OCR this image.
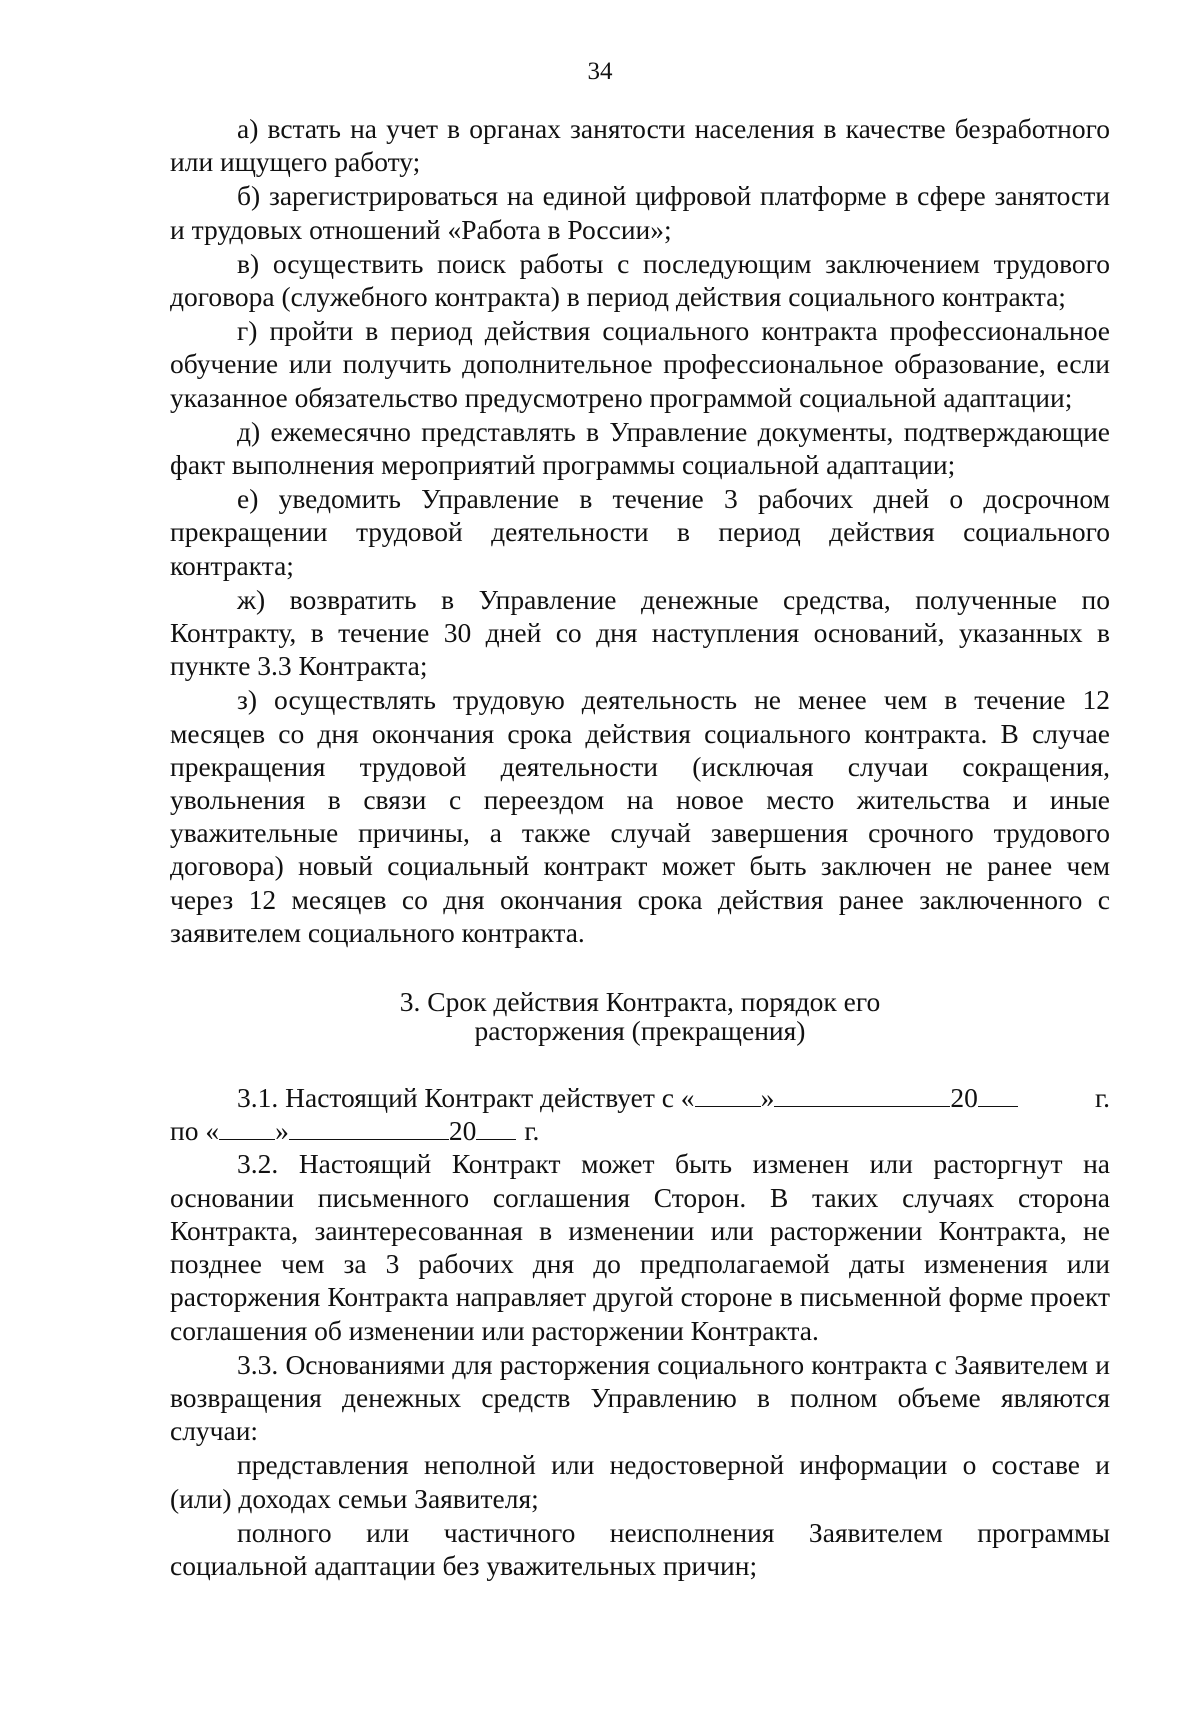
34

а) встать на учет в органах занятости населения в качестве безработного или ищущего работу;

б) зарегистрироваться на единой цифровой платформе в сфере занятости и трудовых отношений «Работа в России»;

в) осуществить поиск работы с последующим заключением трудового договора (служебного контракта) в период действия социального контракта;

г) пройти в период действия социального контракта профессиональное обучение или получить дополнительное профессиональное образование, если указанное обязательство предусмотрено программой социальной адаптации;

д) ежемесячно представлять в Управление документы, подтверждающие факт выполнения мероприятий программы социальной адаптации;

е) уведомить Управление в течение 3 рабочих дней о досрочном прекращении трудовой деятельности в период действия социального контракта;

ж) возвратить в Управление денежные средства, полученные по Контракту, в течение 30 дней со дня наступления оснований, указанных в пункте 3.3 Контракта;

з) осуществлять трудовую деятельность не менее чем в течение 12 месяцев со дня окончания срока действия социального контракта. В случае прекращения трудовой деятельности (исключая случаи сокращения, увольнения в связи с переездом на новое место жительства и иные уважительные причины, а также случай завершения срочного трудового договора) новый социальный контракт может быть заключен не ранее чем через 12 месяцев со дня окончания срока действия ранее заключенного с заявителем социального контракта.

3. Срок действия Контракта, порядок его
расторжения (прекращения)
3.1. Настоящий Контракт действует с « »	20	г.
по « »	20 г.

3.2. Настоящий Контракт может быть изменен или расторгнут на основании письменного соглашения Сторон. В таких случаях сторона Контракта, заинтересованная в изменении или расторжении Контракта, не позднее чем за 3 рабочих дня до предполагаемой даты изменения или расторжения Контракта направляет другой стороне в письменной форме проект соглашения об изменении или расторжении Контракта.

3.3. Основаниями для расторжения социального контракта с Заявителем и возвращения денежных средств Управлению в полном объеме являются случаи:

представления неполной или недостоверной информации о составе и (или) доходах семьи Заявителя;

полного или частичного неисполнения Заявителем программы социальной адаптации без уважительных причин;
